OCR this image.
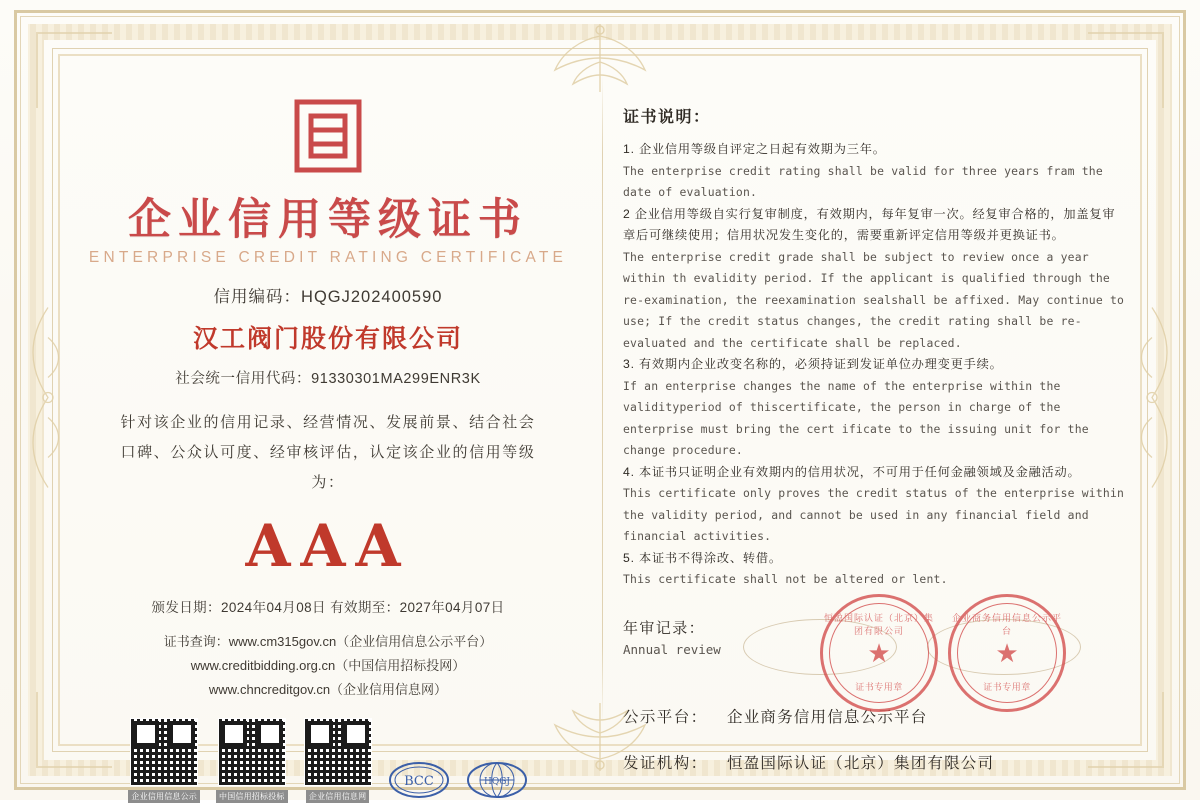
企业信用等级证书
ENTERPRISE CREDIT RATING CERTIFICATE
信用编码：HQGJ202400590
汉工阀门股份有限公司
社会统一信用代码：91330301MA299ENR3K
针对该企业的信用记录、经营情况、发展前景、结合社会
口碑、公众认可度、经审核评估，认定该企业的信用等级为：
AAA
颁发日期：2024年04月08日 有效期至：2027年04月07日
证书查询：www.cm315gov.cn（企业信用信息公示平台）
www.creditbidding.org.cn（中国信用招标投网）
www.chncreditgov.cn（企业信用信息网）
企业信用信息公示	中国信用招标投标	企业信用信息网
BCC	HQGJ
证书说明：
1. 企业信用等级自评定之日起有效期为三年。
The enterprise credit rating shall be valid for three years fram the date of evaluation.
2 企业信用等级自实行复审制度，有效期内，每年复审一次。经复审合格的，加盖复审章后可继续使用；信用状况发生变化的，需要重新评定信用等级并更换证书。
The enterprise credit grade shall be subject to review once a year within th evalidity period. If the applicant is qualified through the re-examination, the reexamination sealshall be affixed. May continue to use; If the credit status changes, the credit rating shall be re-evaluated and the certificate shall be replaced.
3. 有效期内企业改变名称的，必须持证到发证单位办理变更手续。
If an enterprise changes the name of the enterprise within the validityperiod of thiscertificate, the person in charge of the enterprise must bring the cert ificate to the issuing unit for the change procedure.
4. 本证书只证明企业有效期内的信用状况，不可用于任何金融领域及金融活动。
This certificate only proves the credit status of the enterprise within the validity period, and cannot be used in any financial field and financial activities.
5. 本证书不得涂改、转借。
This certificate shall not be altered or lent.
年审记录：
Annual review
公示平台：	企业商务信用信息公示平台
发证机构：	恒盈国际认证（北京）集团有限公司
恒盈国际认证（北京）集团有限公司
★
证书专用章
企业商务信用信息公示平台
★
证书专用章
